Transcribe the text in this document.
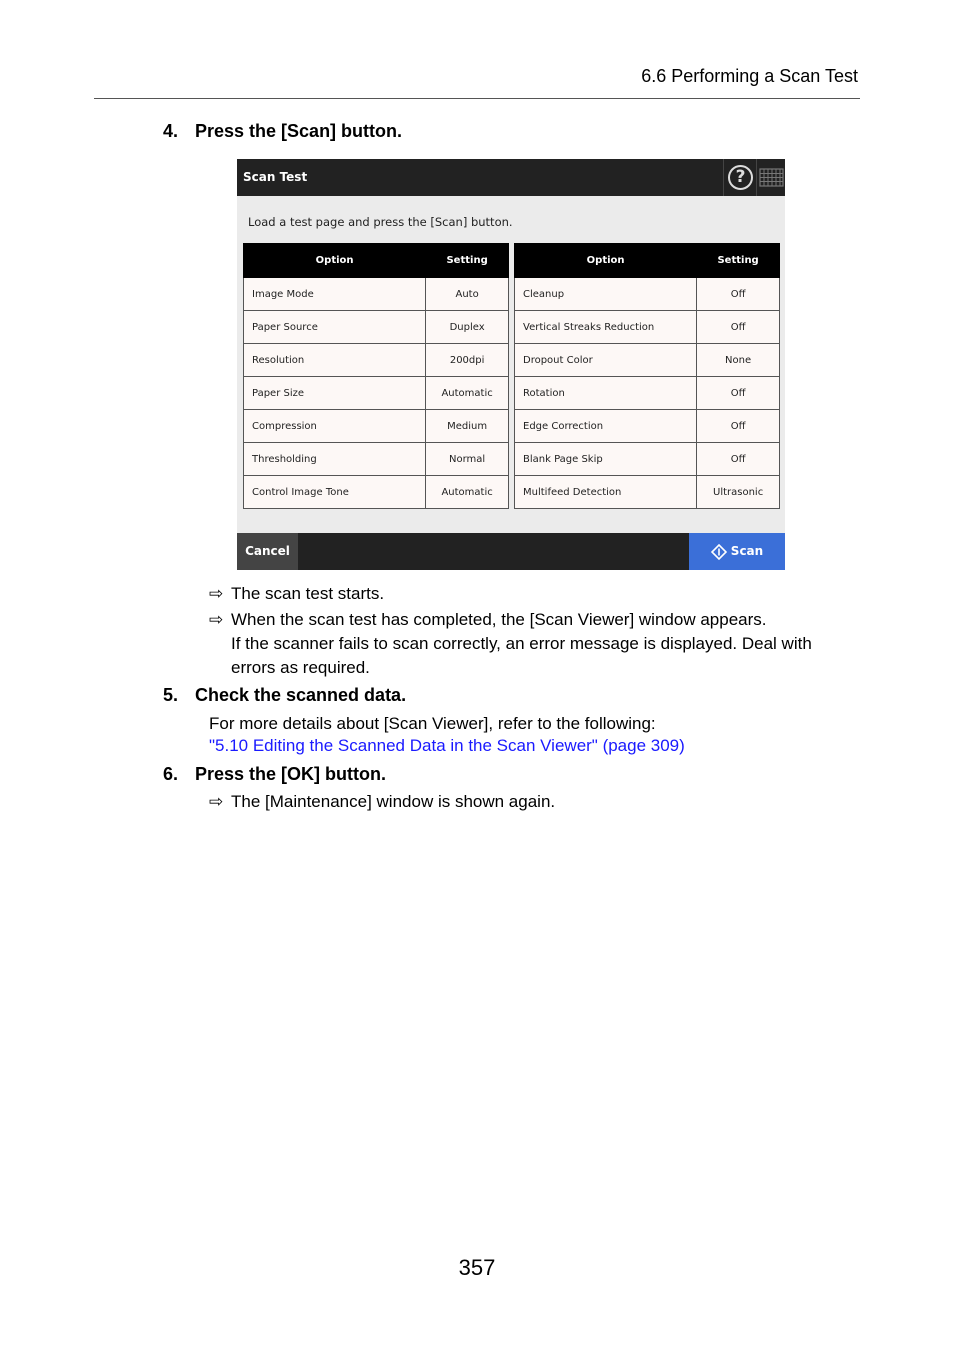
6.6 Performing a Scan Test
4. Press the [Scan] button.
Scan Test	?
Load a test page and press the [Scan] button.
Option	Setting
Image Mode	Auto
Paper Source	Duplex
Resolution	200dpi
Paper Size	Automatic
Compression	Medium
Thresholding	Normal
Control Image Tone	Automatic
Option	Setting
Cleanup	Off
Vertical Streaks Reduction	Off
Dropout Color	None
Rotation	Off
Edge Correction	Off
Blank Page Skip	Off
Multifeed Detection	Ultrasonic
Cancel	Scan
⇨ The scan test starts.
⇨ When the scan test has completed, the [Scan Viewer] window appears.
If the scanner fails to scan correctly, an error message is displayed. Deal with errors as required.
5. Check the scanned data.
For more details about [Scan Viewer], refer to the following:
"5.10 Editing the Scanned Data in the Scan Viewer" (page 309)
6. Press the [OK] button.
⇨ The [Maintenance] window is shown again.
357
